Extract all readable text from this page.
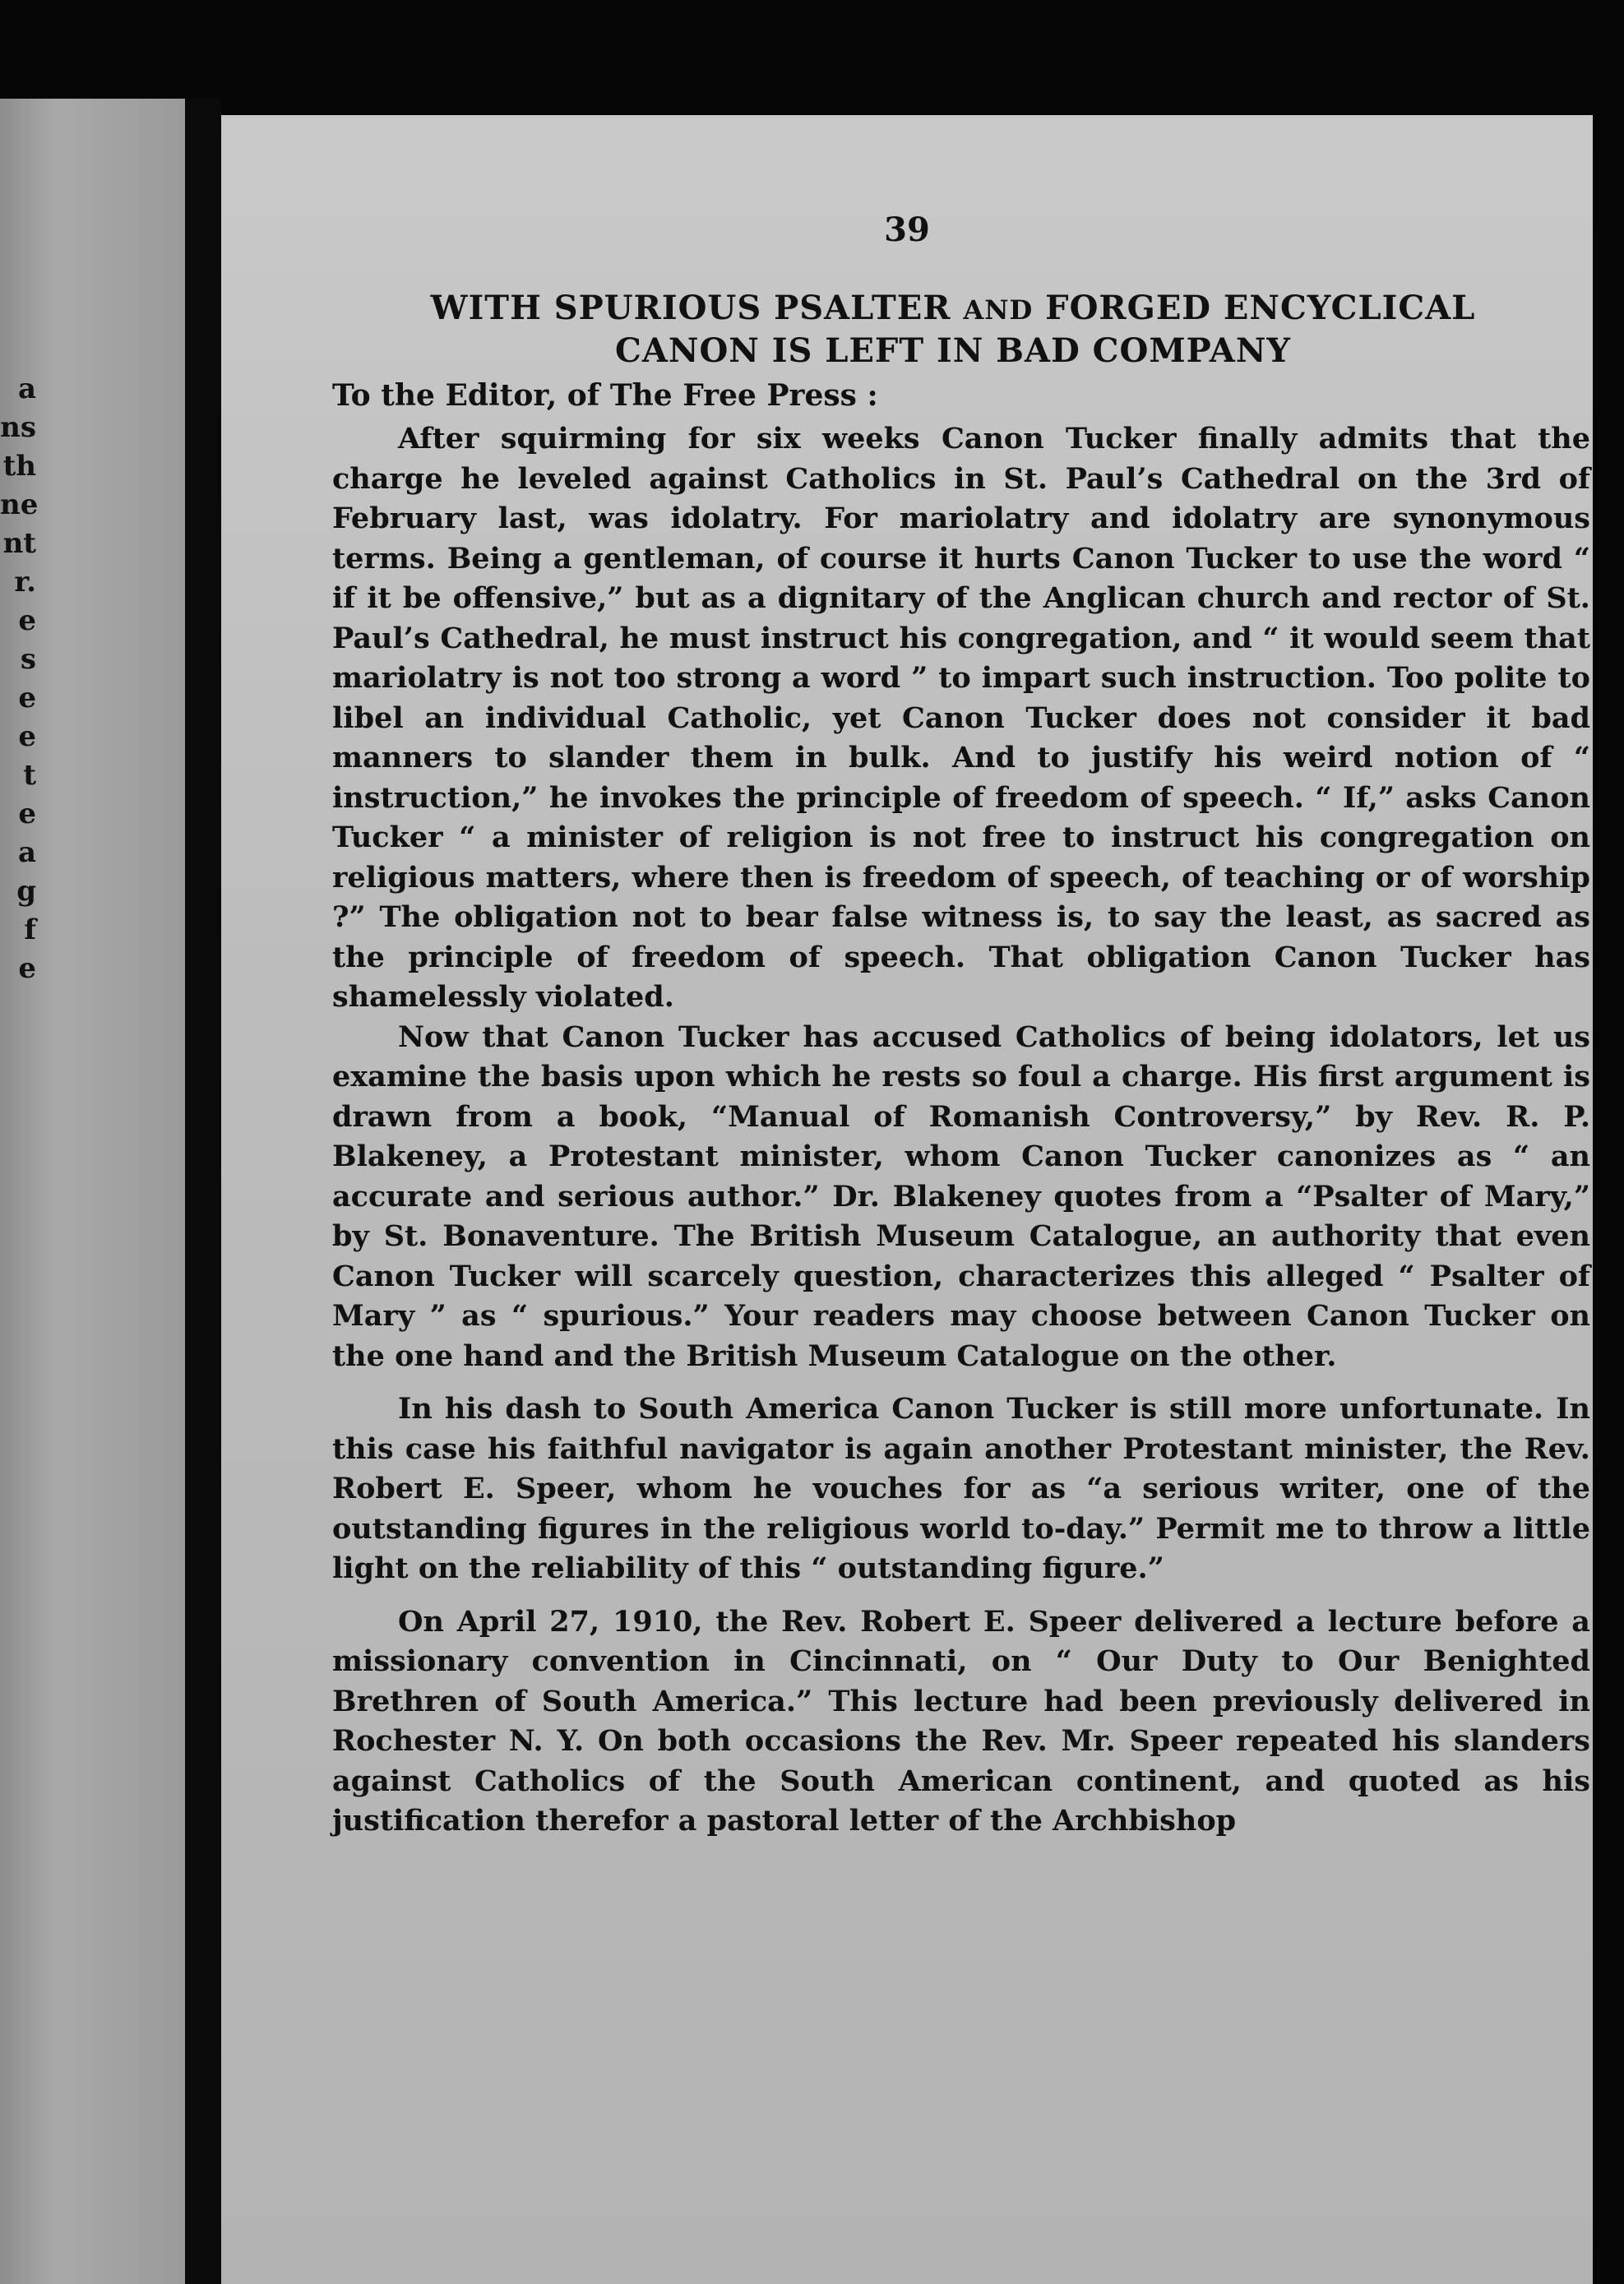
a
ns
th
ne
nt
r.
e
s
e
e
t
e
a
g
f
e
39
WITH SPURIOUS PSALTER AND FORGED ENCYCLICAL
CANON IS LEFT IN BAD COMPANY
To the Editor, of The Free Press :

After squirming for six weeks Canon Tucker finally admits that the charge he leveled against Catholics in St. Paul’s Cathedral on the 3rd of February last, was idolatry. For mariolatry and idolatry are synonymous terms. Being a gentleman, of course it hurts Canon Tucker to use the word “ if it be offensive,” but as a dignitary of the Anglican church and rector of St. Paul’s Cathedral, he must instruct his congregation, and “ it would seem that mariolatry is not too strong a word ” to impart such instruction. Too polite to libel an individual Catholic, yet Canon Tucker does not consider it bad manners to slander them in bulk. And to justify his weird notion of “ instruction,” he invokes the principle of freedom of speech. “ If,” asks Canon Tucker “ a minister of religion is not free to instruct his congregation on religious matters, where then is freedom of speech, of teaching or of worship ?” The obligation not to bear false witness is, to say the least, as sacred as the principle of freedom of speech. That obligation Canon Tucker has shamelessly violated.

Now that Canon Tucker has accused Catholics of being idolators, let us examine the basis upon which he rests so foul a charge. His first argument is drawn from a book, “Manual of Romanish Controversy,” by Rev. R. P. Blakeney, a Protestant minister, whom Canon Tucker canonizes as “ an accurate and serious author.” Dr. Blakeney quotes from a “Psalter of Mary,” by St. Bonaventure. The British Museum Catalogue, an authority that even Canon Tucker will scarcely question, characterizes this alleged “ Psalter of Mary ” as “ spurious.” Your readers may choose between Canon Tucker on the one hand and the British Museum Catalogue on the other.

In his dash to South America Canon Tucker is still more unfortunate. In this case his faithful navigator is again another Protestant minister, the Rev. Robert E. Speer, whom he vouches for as “a serious writer, one of the outstanding figures in the religious world to-day.” Permit me to throw a little light on the reliability of this “ outstanding figure.”

On April 27, 1910, the Rev. Robert E. Speer delivered a lecture before a missionary convention in Cincinnati, on “ Our Duty to Our Benighted Brethren of South America.” This lecture had been previously delivered in Rochester N. Y. On both occasions the Rev. Mr. Speer repeated his slanders against Catholics of the South American continent, and quoted as his justification therefor a pastoral letter of the Archbishop
